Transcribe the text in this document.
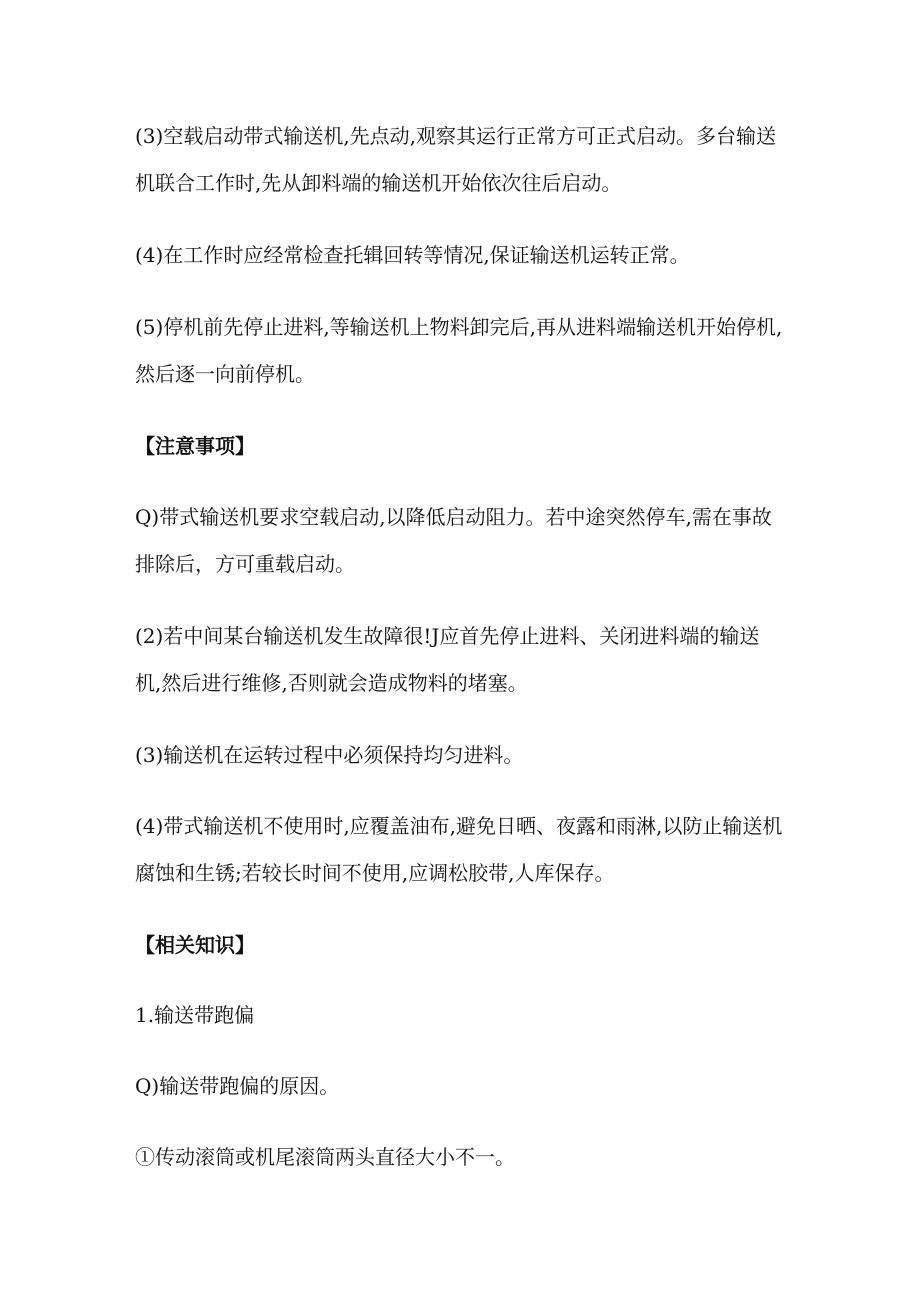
(3)空载启动带式输送机,先点动,观察其运行正常方可正式启动。多台输送机联合工作时,先从卸料端的输送机开始依次往后启动。

(4)在工作时应经常检查托辑回转等情况,保证输送机运转正常。

(5)停机前先停止进料,等输送机上物料卸完后,再从进料端输送机开始停机,然后逐一向前停机。

【注意事项】

Q)带式输送机要求空载启动,以降低启动阻力。若中途突然停车,需在事故排除后，方可重载启动。

(2)若中间某台输送机发生故障很!J应首先停止进料、关闭进料端的输送机,然后进行维修,否则就会造成物料的堵塞。

(3)输送机在运转过程中必须保持均匀进料。

(4)带式输送机不使用时,应覆盖油布,避免日晒、夜露和雨淋,以防止输送机腐蚀和生锈;若较长时间不使用,应调松胶带,人库保存。

【相关知识】

1.输送带跑偏

Q)输送带跑偏的原因。

①传动滚筒或机尾滚筒两头直径大小不一。
